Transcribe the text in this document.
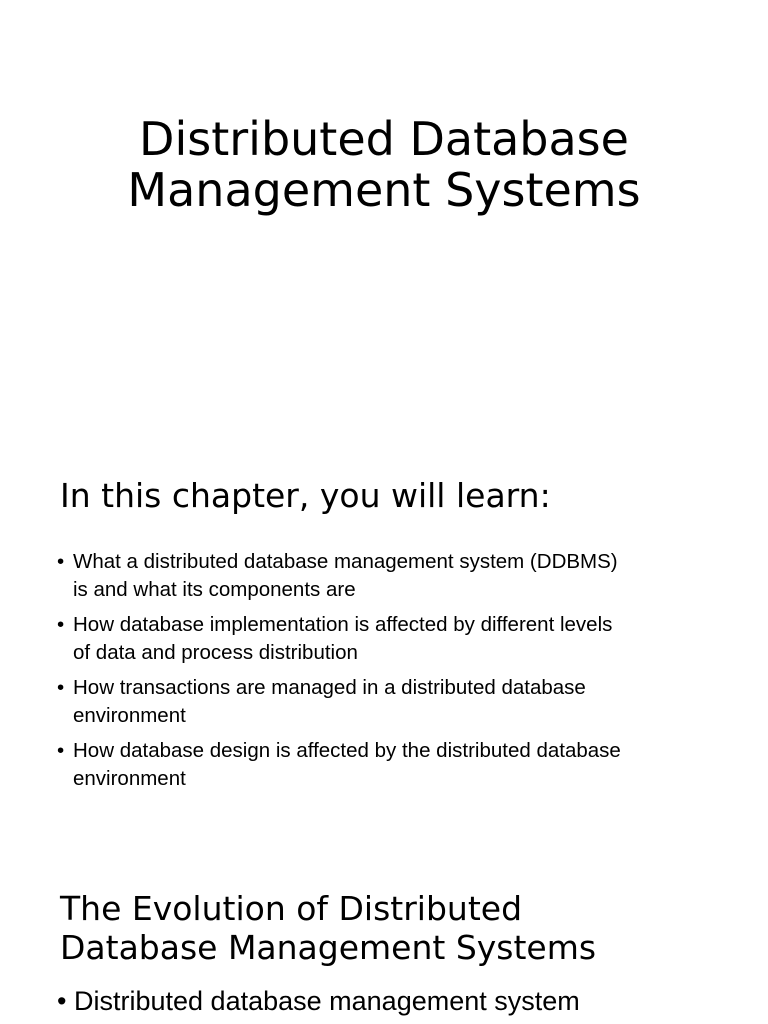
Distributed Database
Management Systems
In this chapter, you will learn:
• What a distributed database management system (DDBMS)
is and what its components are
• How database implementation is affected by different levels
of data and process distribution
• How transactions are managed in a distributed database
environment
• How database design is affected by the distributed database
environment
The Evolution of Distributed
Database Management Systems
• Distributed database management system
